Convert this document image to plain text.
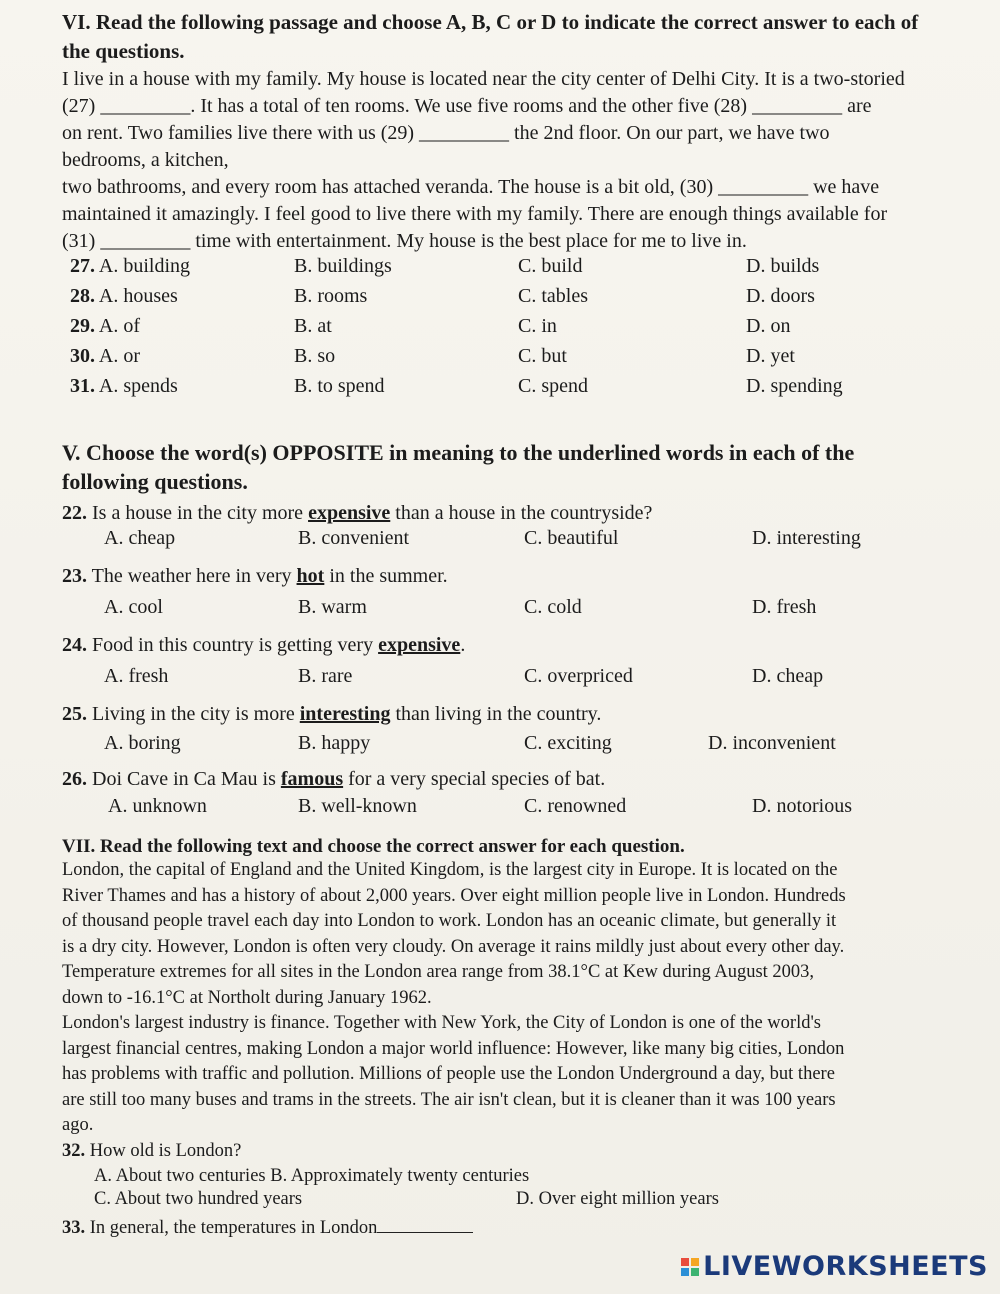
VI. Read the following passage and choose A, B, C or D to indicate the correct answer to each of the questions.
I live in a house with my family. My house is located near the city center of Delhi City. It is a two-storied
(27) _________. It has a total of ten rooms. We use five rooms and the other five (28) _________ are
on rent. Two families live there with us (29) _________ the 2nd floor. On our part, we have two
bedrooms, a kitchen,
two bathrooms, and every room has attached veranda. The house is a bit old, (30) _________ we have
maintained it amazingly. I feel good to live there with my family. There are enough things available for
(31) _________ time with entertainment. My house is the best place for me to live in.
27. A. building	B. buildings	C. build	D. builds
28. A. houses	B. rooms	C. tables	D. doors
29. A. of	B. at	C. in	D. on
30. A. or	B. so	C. but	D. yet
31. A. spends	B. to spend	C. spend	D. spending
V. Choose the word(s) OPPOSITE in meaning to the underlined words in each of the following questions.
22. Is a house in the city more expensive than a house in the countryside?
A. cheap	B. convenient	C. beautiful	D. interesting
23. The weather here in very hot in the summer.
A. cool	B. warm	C. cold	D. fresh
24. Food in this country is getting very expensive.
A. fresh	B. rare	C. overpriced	D. cheap
25. Living in the city is more interesting than living in the country.
A. boring	B. happy	C. exciting	D. inconvenient
26. Doi Cave in Ca Mau is famous for a very special species of bat.
A. unknown	B. well-known	C. renowned	D. notorious
VII. Read the following text and choose the correct answer for each question.
London, the capital of England and the United Kingdom, is the largest city in Europe. It is located on the
River Thames and has a history of about 2,000 years. Over eight million people live in London. Hundreds
of thousand people travel each day into London to work. London has an oceanic climate, but generally it
is a dry city. However, London is often very cloudy. On average it rains mildly just about every other day.
Temperature extremes for all sites in the London area range from 38.1°C at Kew during August 2003,
down to -16.1°C at Northolt during January 1962.
London's largest industry is finance. Together with New York, the City of London is one of the world's
largest financial centres, making London a major world influence: However, like many big cities, London
has problems with traffic and pollution. Millions of people use the London Underground a day, but there
are still too many buses and trams in the streets. The air isn't clean, but it is cleaner than it was 100 years
ago.
32. How old is London?
A. About two centuries B. Approximately twenty centuries
C. About two hundred years	D. Over eight million years
33. In general, the temperatures in London
LIVEWORKSHEETS
